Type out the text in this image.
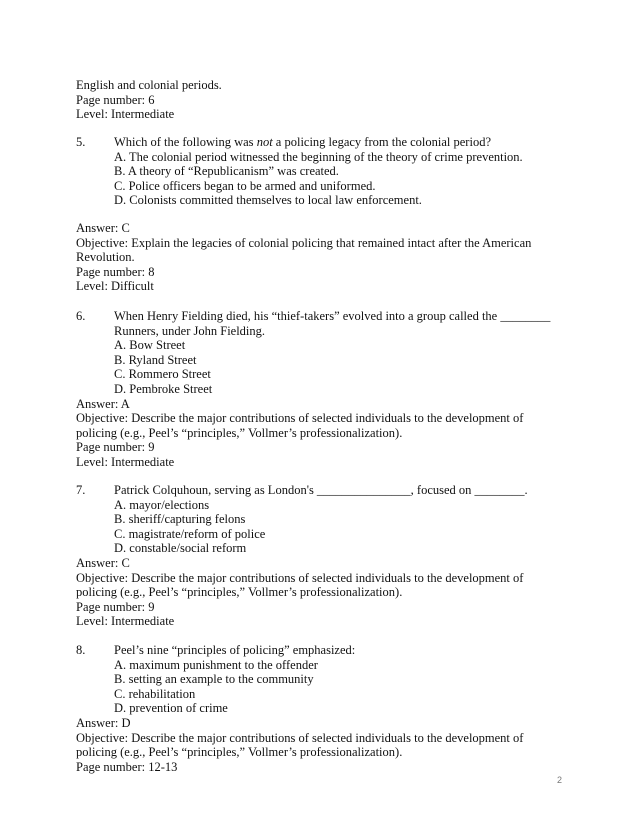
English and colonial periods.
Page number: 6
Level: Intermediate
5. Which of the following was not a policing legacy from the colonial period?
A. The colonial period witnessed the beginning of the theory of crime prevention.
B. A theory of “Republicanism” was created.
C. Police officers began to be armed and uniformed.
D. Colonists committed themselves to local law enforcement.
Answer: C
Objective: Explain the legacies of colonial policing that remained intact after the American
Revolution.
Page number: 8
Level: Difficult
6. When Henry Fielding died, his “thief-takers” evolved into a group called the ________
Runners, under John Fielding.
A. Bow Street
B. Ryland Street
C. Rommero Street
D. Pembroke Street
Answer: A
Objective: Describe the major contributions of selected individuals to the development of
policing (e.g., Peel’s “principles,” Vollmer’s professionalization).
Page number: 9
Level: Intermediate
7. Patrick Colquhoun, serving as London's _______________, focused on ________.
A. mayor/elections
B. sheriff/capturing felons
C. magistrate/reform of police
D. constable/social reform
Answer: C
Objective: Describe the major contributions of selected individuals to the development of
policing (e.g., Peel’s “principles,” Vollmer’s professionalization).
Page number: 9
Level: Intermediate
8. Peel’s nine “principles of policing” emphasized:
A. maximum punishment to the offender
B. setting an example to the community
C. rehabilitation
D. prevention of crime
Answer: D
Objective: Describe the major contributions of selected individuals to the development of
policing (e.g., Peel’s “principles,” Vollmer’s professionalization).
Page number: 12-13
2
